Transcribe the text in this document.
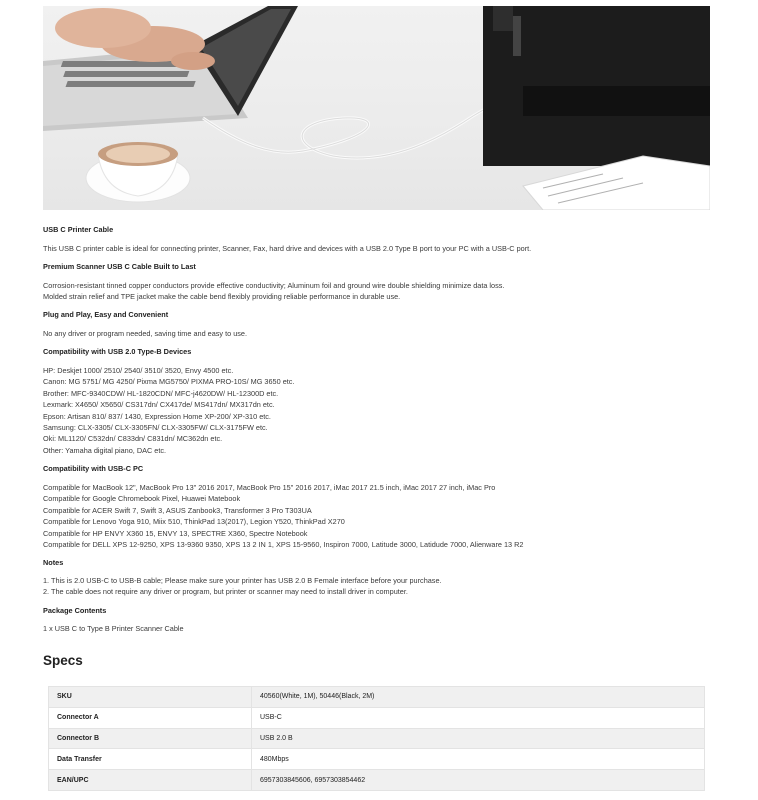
USB C Printer Cable
This USB C printer cable is ideal for connecting printer, Scanner, Fax, hard drive and devices with a USB 2.0 Type B port to your PC with a USB-C port.
Premium Scanner USB C Cable Built to Last
Corrosion-resistant tinned copper conductors provide effective conductivity; Aluminum foil and ground wire double shielding minimize data loss.
Molded strain relief and TPE jacket make the cable bend flexibly providing reliable performance in durable use.
Plug and Play, Easy and Convenient
No any driver or program needed, saving time and easy to use.
Compatibility with USB 2.0 Type-B Devices
HP: Deskjet 1000/ 2510/ 2540/ 3510/ 3520, Envy 4500 etc.
Canon: MG 5751/ MG 4250/ Pixma MG5750/ PIXMA PRO-10S/ MG 3650 etc.
Brother: MFC-9340CDW/ HL-1820CDN/ MFC-j4620DW/ HL-12300D etc.
Lexmark: X4650/ X5650/ CS317dn/ CX417de/ MS417dn/ MX317dn etc.
Epson: Artisan 810/ 837/ 1430, Expression Home XP-200/ XP-310 etc.
Samsung: CLX-3305/ CLX-3305FN/ CLX-3305FW/ CLX-3175FW etc.
Oki: ML1120/ C532dn/ C833dn/ C831dn/ MC362dn etc.
Other: Yamaha digital piano, DAC etc.
Compatibility with USB-C PC
Compatible for MacBook 12", MacBook Pro 13" 2016 2017, MacBook Pro 15" 2016 2017, iMac 2017 21.5 inch, iMac 2017 27 inch, iMac Pro
Compatible for Google Chromebook Pixel, Huawei Matebook
Compatible for ACER Swift 7, Swift 3, ASUS Zanbook3, Transformer 3 Pro T303UA
Compatible for Lenovo Yoga 910, Miix 510, ThinkPad 13(2017), Legion Y520, ThinkPad X270
Compatible for HP ENVY X360 15, ENVY 13, SPECTRE X360, Spectre Notebook
Compatible for DELL XPS 12-9250, XPS 13-9360 9350, XPS 13 2 IN 1, XPS 15-9560, Inspiron 7000, Latitude 3000, Latidude 7000, Alienware 13 R2
Notes
1. This is 2.0 USB-C to USB-B cable; Please make sure your printer has USB 2.0 B Female interface before your purchase.
2. The cable does not require any driver or program, but printer or scanner may need to install driver in computer.
Package Contents
1 x USB C to Type B Printer Scanner Cable
Specs
SKU	40560(White, 1M), 50446(Black, 2M)
Connector A	USB-C
Connector B	USB 2.0 B
Data Transfer	480Mbps
EAN/UPC	6957303845606, 6957303854462
